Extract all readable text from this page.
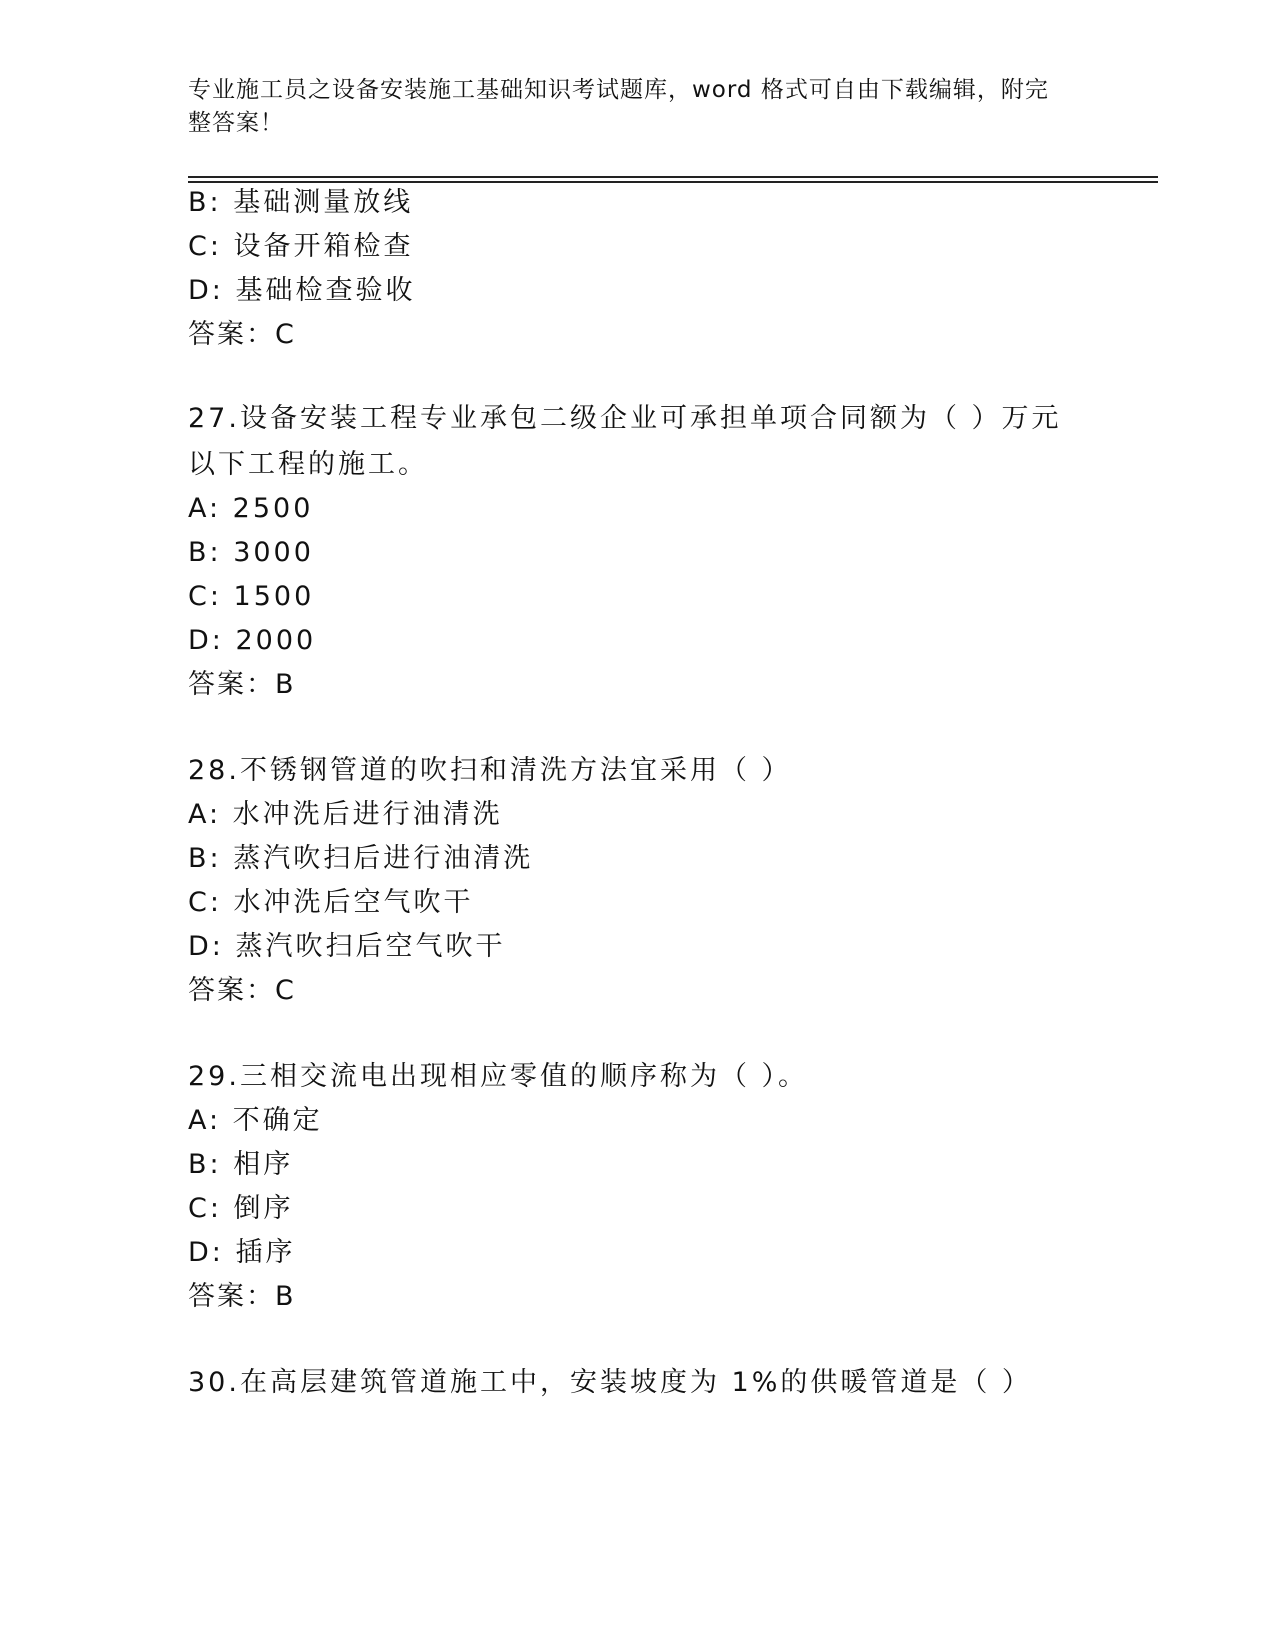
专业施工员之设备安装施工基础知识考试题库，word 格式可自由下载编辑，附完整答案！
B: 基础测量放线
C: 设备开箱检查
D: 基础检查验收
答案：C
27.设备安装工程专业承包二级企业可承担单项合同额为（ ）万元以下工程的施工。
A: 2500
B: 3000
C: 1500
D: 2000
答案：B
28.不锈钢管道的吹扫和清洗方法宜采用（ ）
A: 水冲洗后进行油清洗
B: 蒸汽吹扫后进行油清洗
C: 水冲洗后空气吹干
D: 蒸汽吹扫后空气吹干
答案：C
29.三相交流电出现相应零值的顺序称为（ ）。
A: 不确定
B: 相序
C: 倒序
D: 插序
答案：B
30.在高层建筑管道施工中，安装坡度为 1%的供暖管道是（ ）
